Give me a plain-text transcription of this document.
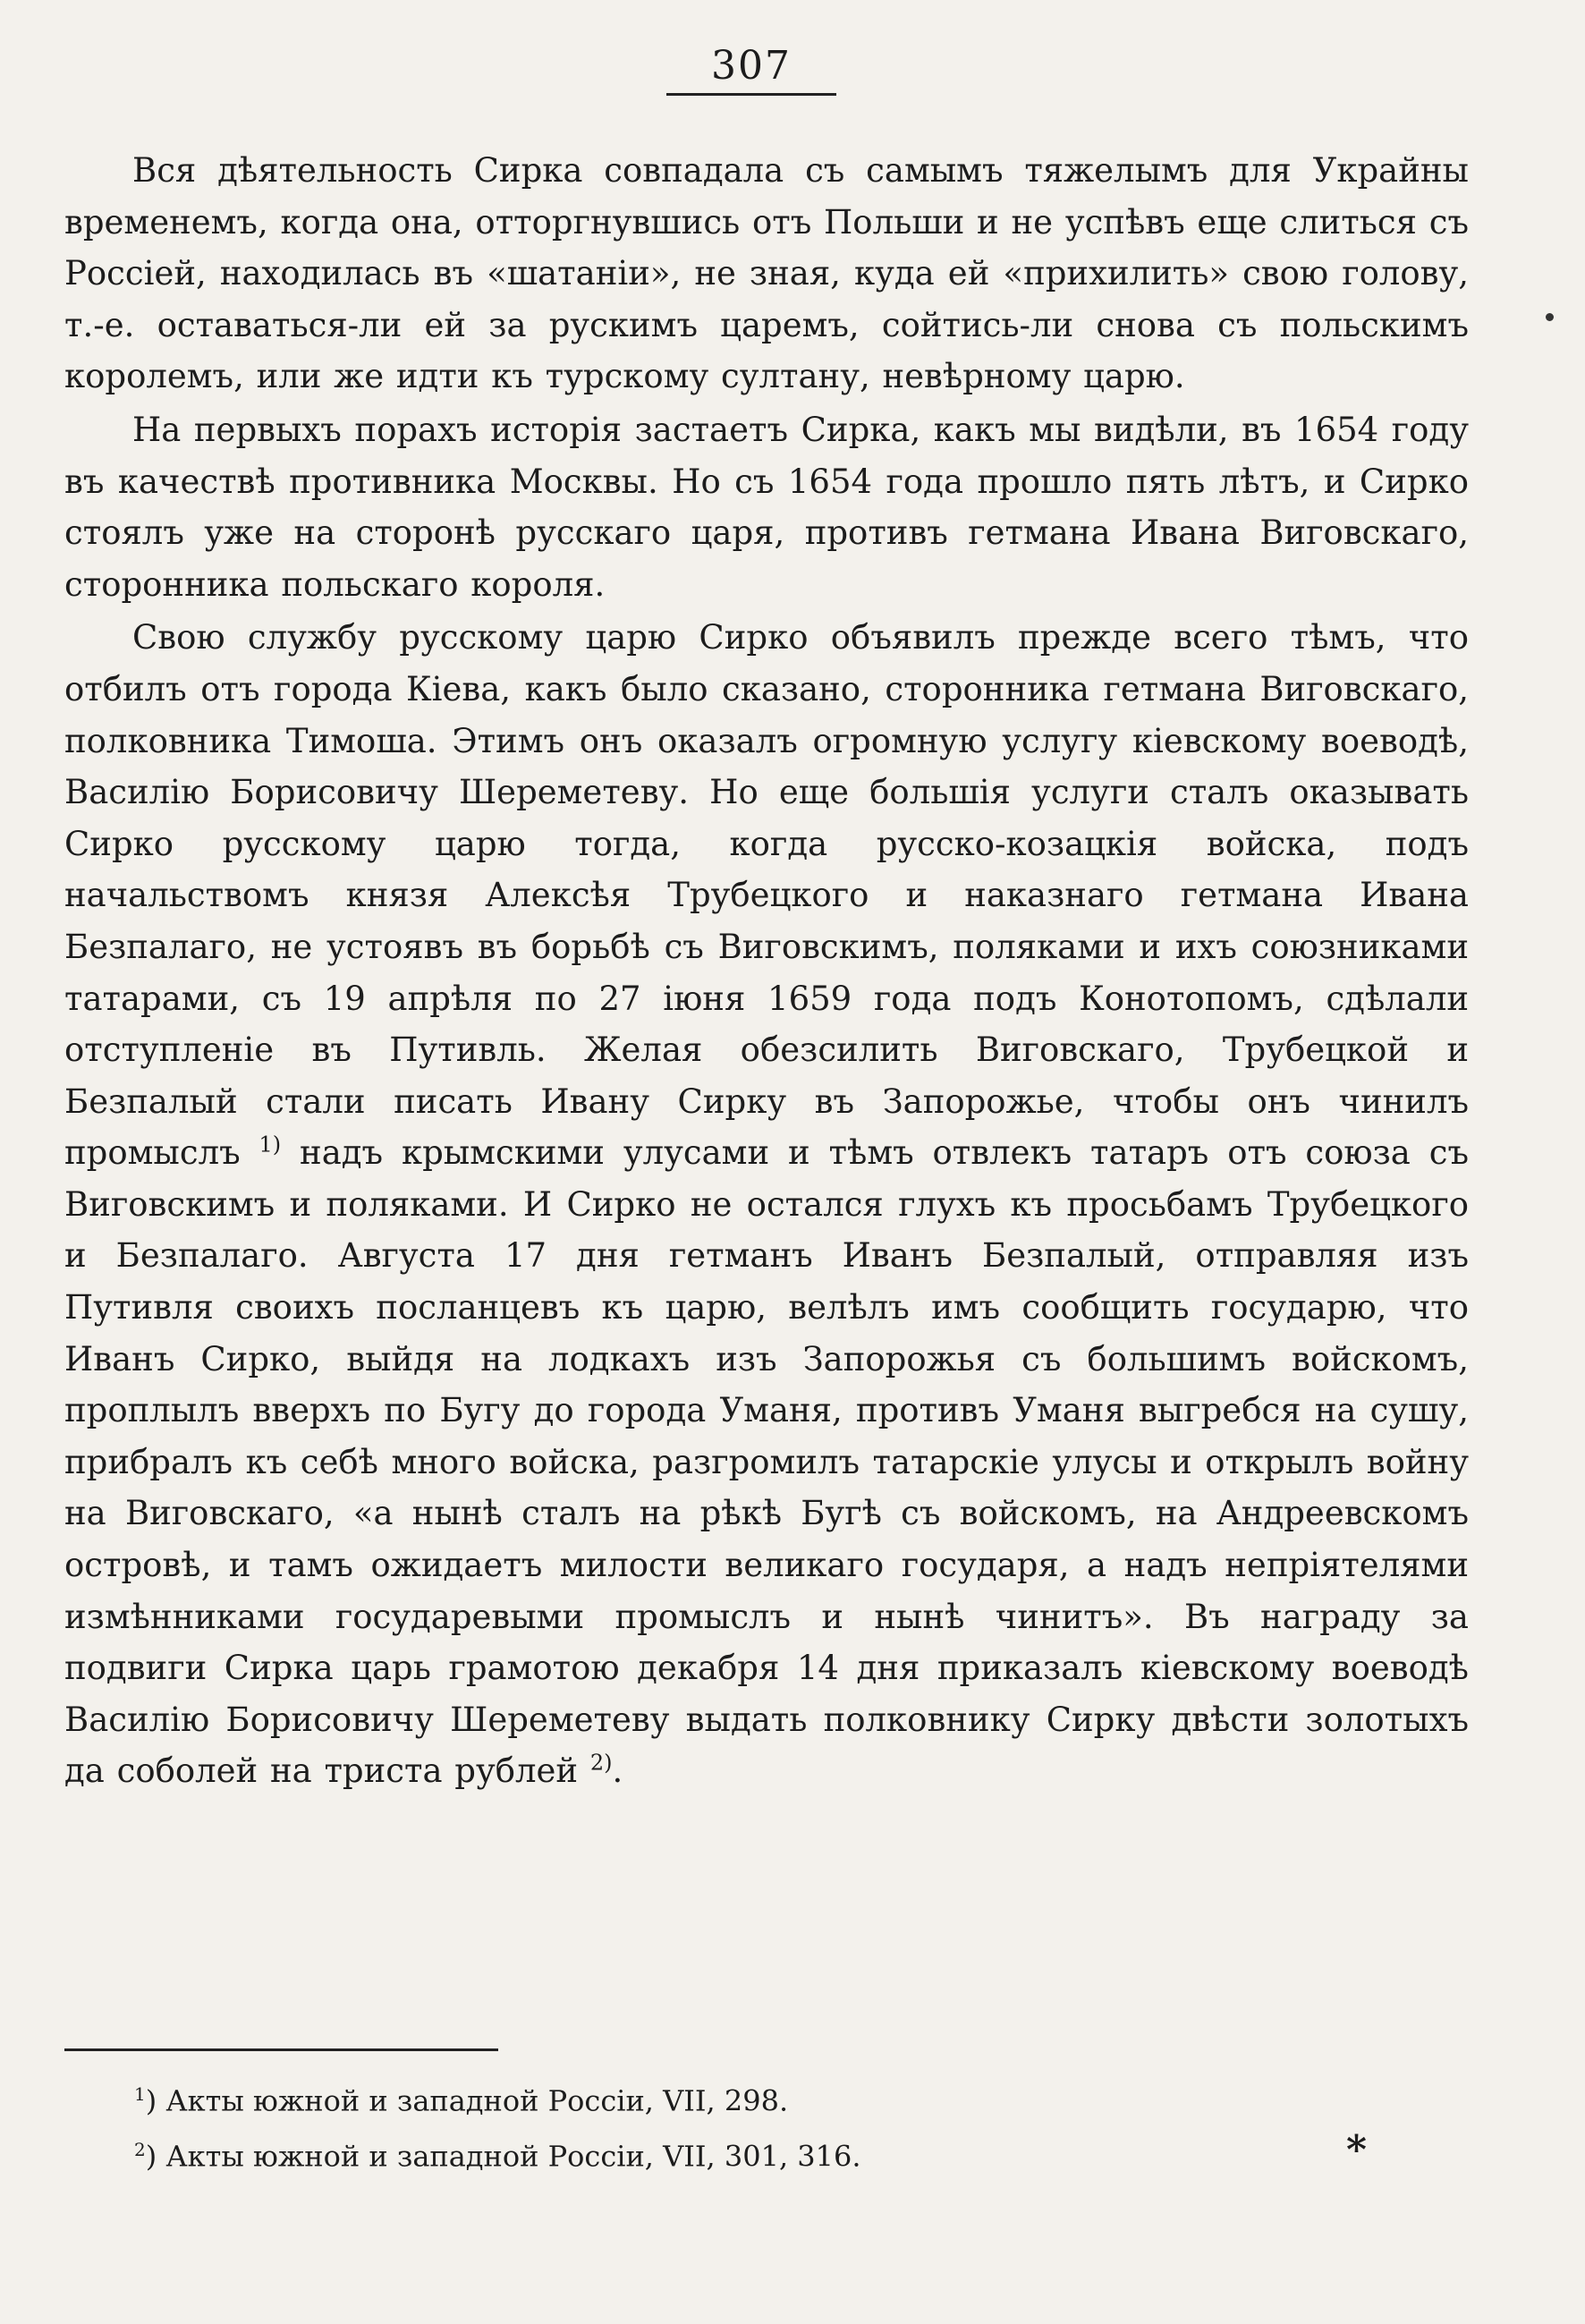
307

Вся дѣятельность Сирка совпадала съ самымъ тяжелымъ для Украйны временемъ, когда она, отторгнувшись отъ Польши и не успѣвъ еще слиться съ Россіей, находилась въ «шатаніи», не зная, куда ей «прихилить» свою голову, т.-е. оставаться-ли ей за рускимъ царемъ, сойтись-ли снова съ польскимъ королемъ, или же идти къ турскому султану, невѣрному царю.

На первыхъ порахъ исторія застаетъ Сирка, какъ мы видѣли, въ 1654 году въ качествѣ противника Москвы. Но съ 1654 года прошло пять лѣтъ, и Сирко стоялъ уже на сторонѣ русскаго царя, противъ гетмана Ивана Виговскаго, сторонника польскаго короля.

Свою службу русскому царю Сирко объявилъ прежде всего тѣмъ, что отбилъ отъ города Кіева, какъ было сказано, сторонника гетмана Виговскаго, полковника Тимоша. Этимъ онъ оказалъ огромную услугу кіевскому воеводѣ, Василію Борисовичу Шереметеву. Но еще большія услуги сталъ оказывать Сирко русскому царю тогда, когда русско-козацкія войска, подъ начальствомъ князя Алексѣя Трубецкого и наказнаго гетмана Ивана Безпалаго, не устоявъ въ борьбѣ съ Виговскимъ, поляками и ихъ союзниками татарами, съ 19 апрѣля по 27 іюня 1659 года подъ Конотопомъ, сдѣлали отступленіе въ Путивль. Желая обезсилить Виговскаго, Трубецкой и Безпалый стали писать Ивану Сирку въ Запорожье, чтобы онъ чинилъ промыслъ $^{1)}$ надъ крымскими улусами и тѣмъ отвлекъ татаръ отъ союза съ Виговскимъ и поляками. И Сирко не остался глухъ къ просьбамъ Трубецкого и Безпалаго. Августа 17 дня гетманъ Иванъ Безпалый, отправляя изъ Путивля своихъ посланцевъ къ царю, велѣлъ имъ сообщить государю, что Иванъ Сирко, выйдя на лодкахъ изъ Запорожья съ большимъ войскомъ, проплылъ вверхъ по Бугу до города Уманя, противъ Уманя выгребся на сушу, прибралъ къ себѣ много войска, разгромилъ татарскіе улусы и открылъ войну на Виговскаго, «а нынѣ сталъ на рѣкѣ Бугѣ съ войскомъ, на Андреевскомъ островѣ, и тамъ ожидаетъ милости великаго государя, а надъ непріятелями измѣнниками государевыми промыслъ и нынѣ чинитъ». Въ награду за подвиги Сирка царь грамотою декабря 14 дня приказалъ кіевскому воеводѣ Василію Борисовичу Шереметеву выдать полковнику Сирку двѣсти золотыхъ да соболей на триста рублей $^{2)}$.

$^1$) Акты южной и западной Россіи, VII, 298.
$^2$) Акты южной и западной Россіи, VII, 301, 316.	*
